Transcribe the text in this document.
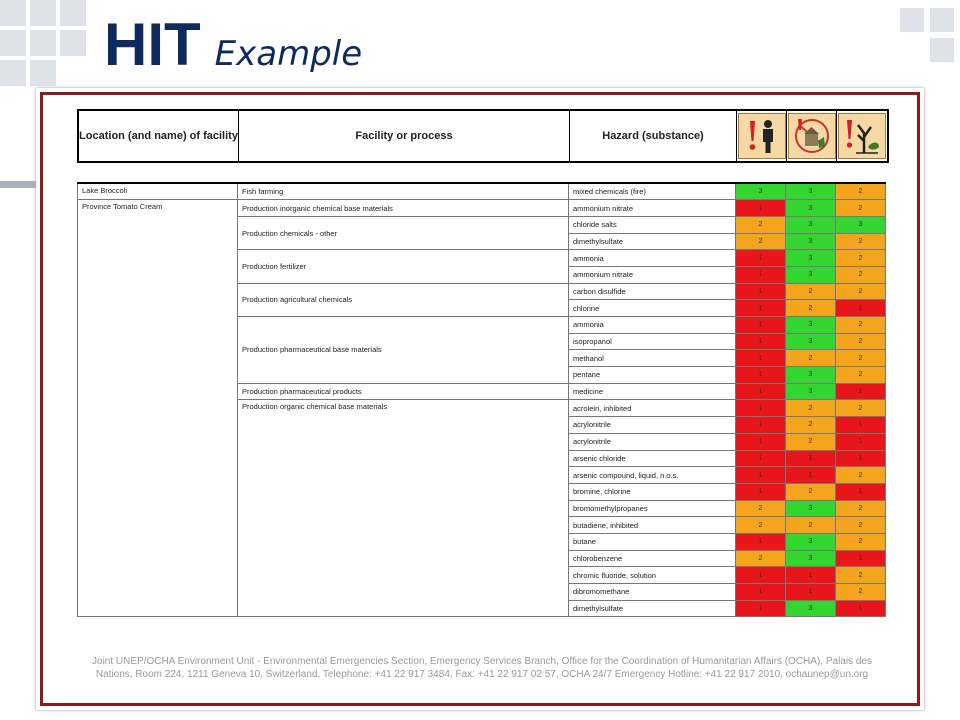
HIT Example
Location (and name) of facility	Facility or process	Hazard (substance)
Lake Broccoli	Fish farming	mixed chemicals (fire)	3	3	2
Province Tomato Cream	Production inorganic chemical base materials	ammonium nitrate	1	3	2
	Production chemicals - other	chloride salts	2	3	3
		dimethylsulfate	2	3	2
	Production fertilizer	ammonia	1	3	2
		ammonium nitrate	1	3	2
	Production agricultural chemicals	carbon disulfide	1	2	2
		chlorine	1	2	1
	Production pharmaceutical base materials	ammonia	1	3	2
		isopropanol	1	3	2
		methanol	1	2	2
		pentane	1	3	2
	Production pharmaceutical products	medicine	1	3	1
	Production organic chemical base materials	acrolein, inhibited	1	2	2
		acrylonitrile	1	2	1
		acrylonitrile	1	2	1
		arsenic chloride	1	1	1
		arsenic compound, liquid, n.o.s.	1	1	2
		bromine, chlorine	1	2	1
		bromomethylpropanes	2	3	2
		butadiene, inhibited	2	2	2
		butane	1	3	2
		chlorobenzene	2	3	1
		chromic fluoride, solution	1	1	2
		dibromomethane	1	1	2
		dimethylsulfate	1	3	1
Joint UNEP/OCHA Environment Unit - Environmental Emergencies Section, Emergency Services Branch, Office for the Coordination of Humanitarian Affairs (OCHA), Palais des Nations, Room 224, 1211 Geneva 10, Switzerland, Telephone: +41 22 917 3484, Fax: +41 22 917 02 57, OCHA 24/7 Emergency Hotline: +41 22 917 2010, ochaunep@un.org
